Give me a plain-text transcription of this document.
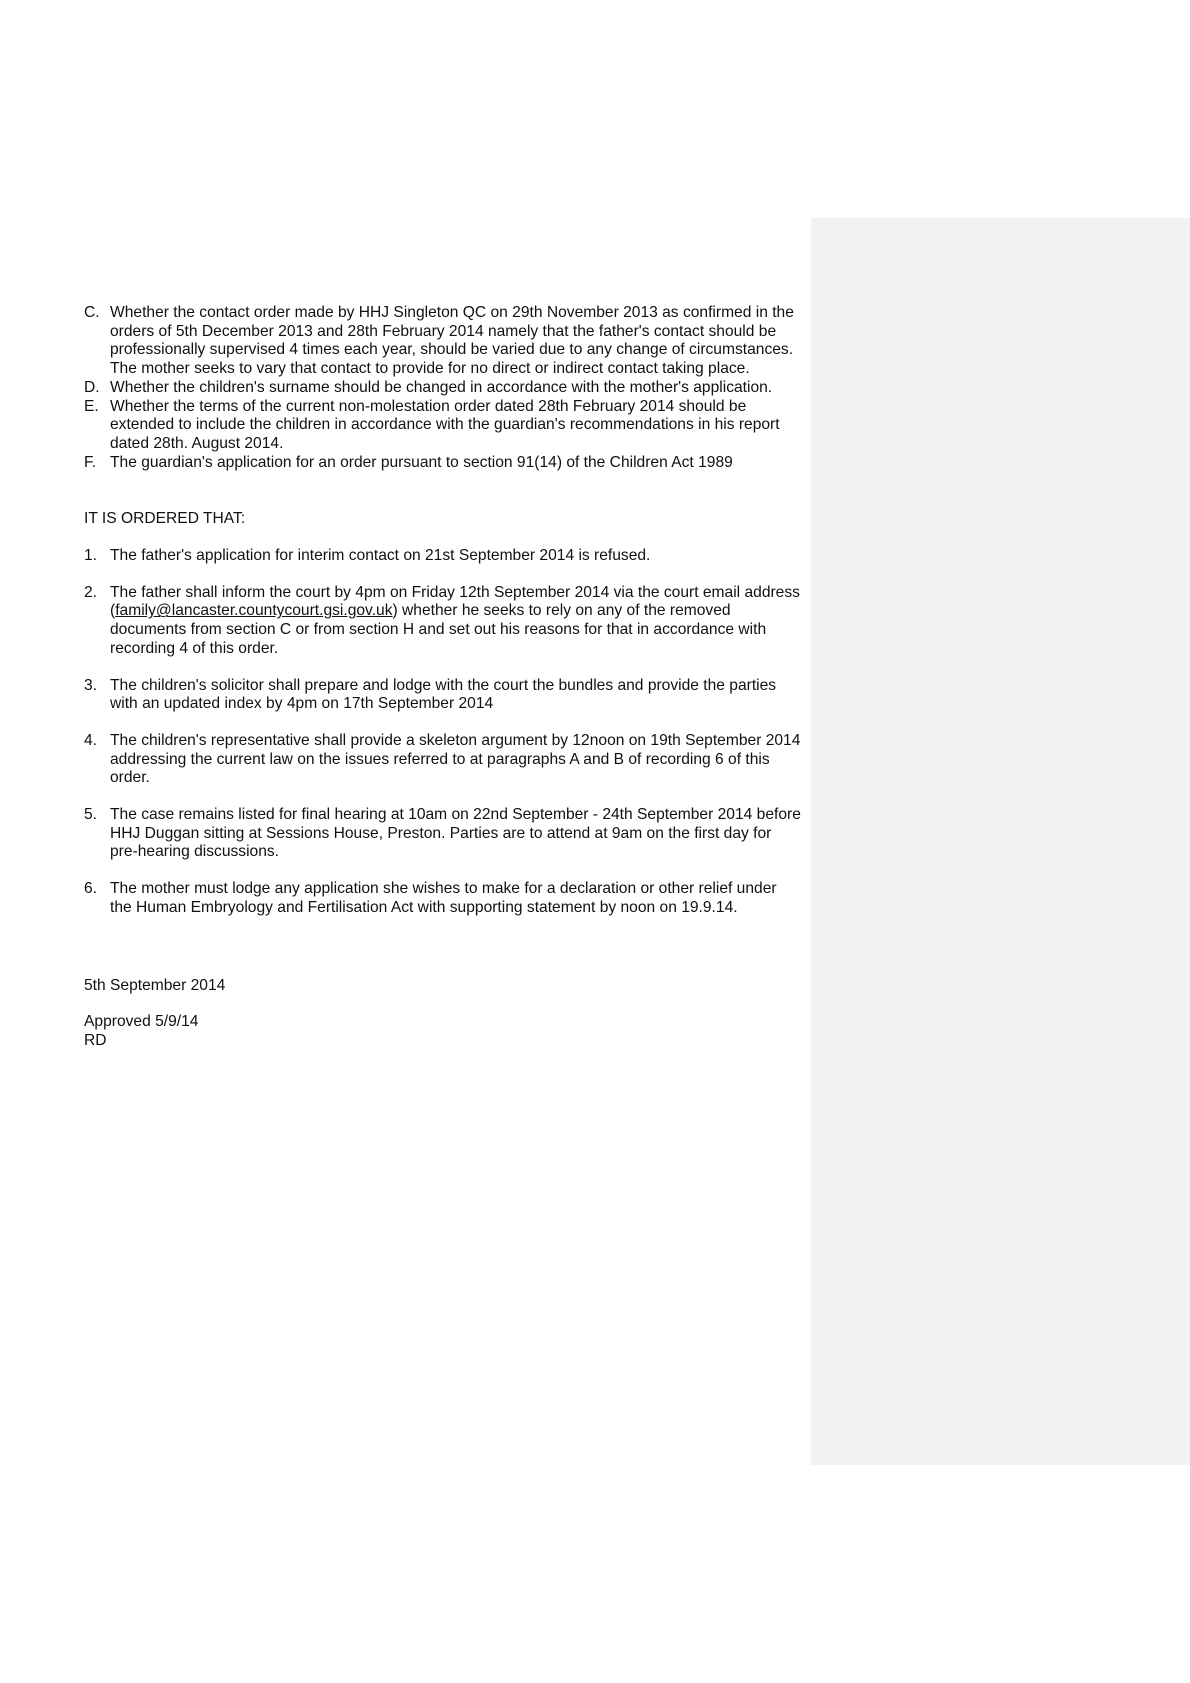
C. Whether the contact order made by HHJ Singleton QC on 29th November 2013 as confirmed in the orders of 5th December 2013 and 28th February 2014 namely that the father's contact should be professionally supervised 4 times each year, should be varied due to any change of circumstances. The mother seeks to vary that contact to provide for no direct or indirect contact taking place.
D. Whether the children's surname should be changed in accordance with the mother's application.
E. Whether the terms of the current non-molestation order dated 28th February 2014 should be extended to include the children in accordance with the guardian's recommendations in his report dated 28th. August 2014.
F. The guardian's application for an order pursuant to section 91(14) of the Children Act 1989
IT IS ORDERED THAT:
1. The father's application for interim contact on 21st September 2014 is refused.
2. The father shall inform the court by 4pm on Friday 12th September 2014 via the court email address (family@lancaster.countycourt.gsi.gov.uk) whether he seeks to rely on any of the removed documents from section C or from section H and set out his reasons for that in accordance with recording 4 of this order.
3. The children's solicitor shall prepare and lodge with the court the bundles and provide the parties with an updated index by 4pm on 17th September 2014
4. The children's representative shall provide a skeleton argument by 12noon on 19th September 2014 addressing the current law on the issues referred to at paragraphs A and B of recording 6 of this order.
5. The case remains listed for final hearing at 10am on 22nd September - 24th September 2014 before HHJ Duggan sitting at Sessions House, Preston. Parties are to attend at 9am on the first day for pre-hearing discussions.
6. The mother must lodge any application she wishes to make for a declaration or other relief under the Human Embryology and Fertilisation Act with supporting statement by noon on 19.9.14.
5th September 2014
Approved 5/9/14
RD
